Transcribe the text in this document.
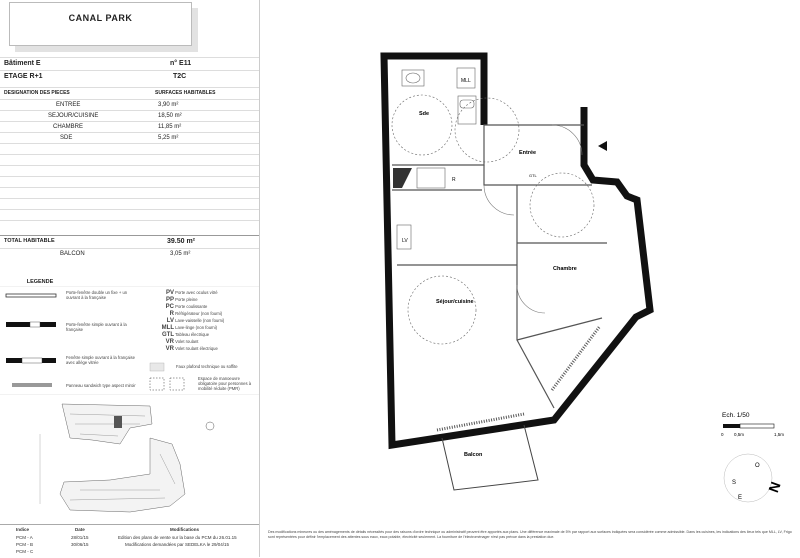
CANAL PARK
Bâtiment E	n° E11
ETAGE R+1	T2C
DESIGNATION DES PIECES	SURFACES HABITABLES
ENTREE	3,90 m²
SEJOUR/CUISINE	18,50 m²
CHAMBRE	11,85 m²
SDE	5,25 m²
TOTAL HABITABLE	39.50 m²
BALCON	3,05 m²
LEGENDE
Porte-fenêtre double un fixe + un ouvrant à la française
Porte-fenêtre simple ouvrant à la française
Fenêtre simple ouvrant à la française avec allège vitrée
Panneau sandwich type aspect miroir
PV Porte avec oculus vitré
PP Porte pleine
PC Porte coulissante
R Réfrigérateur (non fourni)
LV Lave-vaisselle (non fourni)
MLL Lave-linge (non fourni)
GTL Tableau électrique
VR Volet roulant
VR Volet roulant électrique
Faux plafond technique ou soffite
Espace de manoeuvre obligatoire pour personnes à mobilité réduite (PMR)
Indice	Date	Modifications
PCM - A	28/01/15	Edition des plans de vente sur la base du PCM du 26.01.15
PCM - B	30/06/15	Modifications demandées par SEDELKA le 29/04/15
PCM - C
Sde
Entrée
Séjour/cuisine
Chambre
Balcon
MLL
LV
R
GTL
Ech. 1/50
0 0,5m	1,5m
N
S
E
O
Des modifications mineures ou des aménagements de détails nécessités pour des raisons d'ordre technique ou administratif peuvent être apportés aux plans. Une différence maximale de 5% par rapport aux surfaces indiquées sera considérée comme admissible. Dans les cuisines, les indications des lieux tels que MLL, LV, Frigo sont représentées pour définir l'emplacement des attentes sous eaux, eaux potable, électricité seulement. La fourniture de l'électroménager n'est pas prévue dans la prestation due.
